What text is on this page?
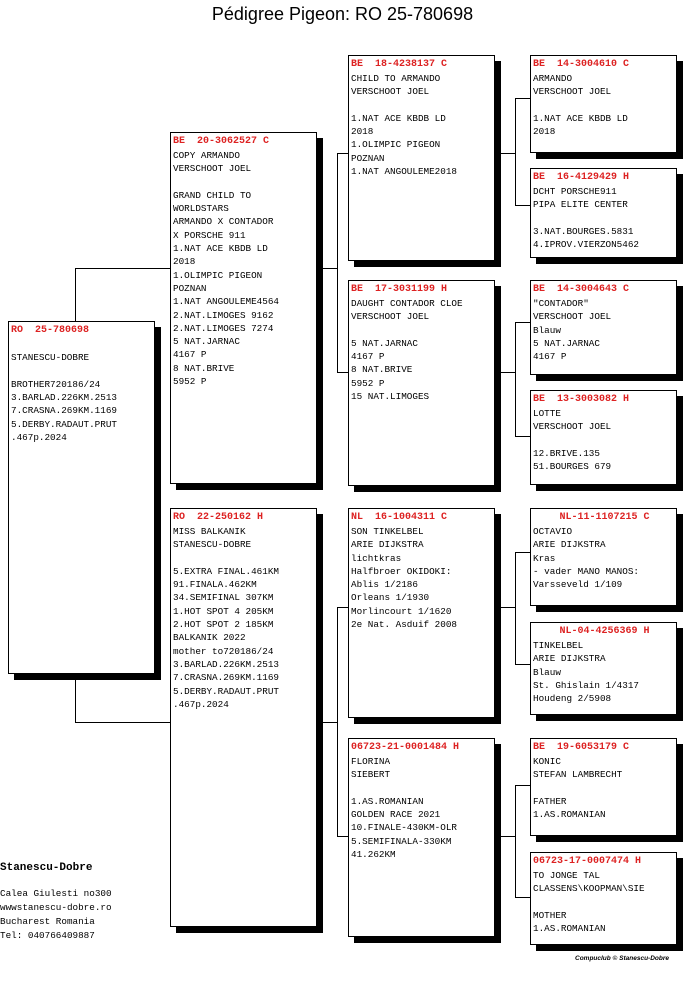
Pédigree Pigeon: RO 25-780698
RO  25-780698
STANESCU-DOBRE
BROTHER720186/24
3.BARLAD.226KM.2513
7.CRASNA.269KM.1169
5.DERBY.RADAUT.PRUT
.467p.2024
BE  20-3062527 C
COPY ARMANDO
VERSCHOOT JOEL
GRAND CHILD TO
WORLDSTARS
ARMANDO X CONTADOR
X PORSCHE 911
1.NAT ACE KBDB LD
2018
1.OLIMPIC PIGEON
POZNAN
1.NAT ANGOULEME4564
2.NAT.LIMOGES 9162
2.NAT.LIMOGES 7274
5 NAT.JARNAC
4167 P
8 NAT.BRIVE
5952 P
RO  22-250162 H
MISS BALKANIK
STANESCU-DOBRE
5.EXTRA FINAL.461KM
91.FINALA.462KM
34.SEMIFINAL 307KM
1.HOT SPOT 4 205KM
2.HOT SPOT 2 185KM
BALKANIK 2022
mother to720186/24
3.BARLAD.226KM.2513
7.CRASNA.269KM.1169
5.DERBY.RADAUT.PRUT
.467p.2024
BE  18-4238137 C
CHILD TO ARMANDO
VERSCHOOT JOEL
1.NAT ACE KBDB LD
2018
1.OLIMPIC PIGEON
POZNAN
1.NAT ANGOULEME2018
BE  17-3031199 H
DAUGHT CONTADOR CLOE
VERSCHOOT JOEL
5 NAT.JARNAC
4167 P
8 NAT.BRIVE
5952 P
15 NAT.LIMOGES
NL  16-1004311 C
SON TINKELBEL
ARIE DIJKSTRA
lichtkras
Halfbroer OKIDOKI:
Ablis 1/2186
Orleans 1/1930
Morlincourt 1/1620
2e Nat. Asduif 2008
06723-21-0001484 H
FLORINA
SIEBERT
1.AS.ROMANIAN
GOLDEN RACE 2021
10.FINALE-430KM-OLR
5.SEMIFINALA-330KM
41.262KM
BE  14-3004610 C
ARMANDO
VERSCHOOT JOEL
1.NAT ACE KBDB LD
2018
BE  16-4129429 H
DCHT PORSCHE911
PIPA ELITE CENTER
3.NAT.BOURGES.5831
4.IPROV.VIERZON5462
BE  14-3004643 C
"CONTADOR"
VERSCHOOT JOEL
Blauw
5 NAT.JARNAC
4167 P
BE  13-3003082 H
LOTTE
VERSCHOOT JOEL
12.BRIVE.135
51.BOURGES 679
NL-11-1107215 C
OCTAVIO
ARIE DIJKSTRA
Kras
- vader MANO MANOS:
Varsseveld 1/109
NL-04-4256369 H
TINKELBEL
ARIE DIJKSTRA
Blauw
St. Ghislain 1/4317
Houdeng 2/5908
BE  19-6053179 C
KONIC
STEFAN LAMBRECHT
FATHER
1.AS.ROMANIAN
06723-17-0007474 H
TO JONGE TAL
CLASSENS\KOOPMAN\SIE
MOTHER
1.AS.ROMANIAN
Stanescu-Dobre
Calea Giulesti no300
wwwstanescu-dobre.ro
Bucharest Romania
Tel: 040766409887
Compuclub © Stanescu-Dobre
